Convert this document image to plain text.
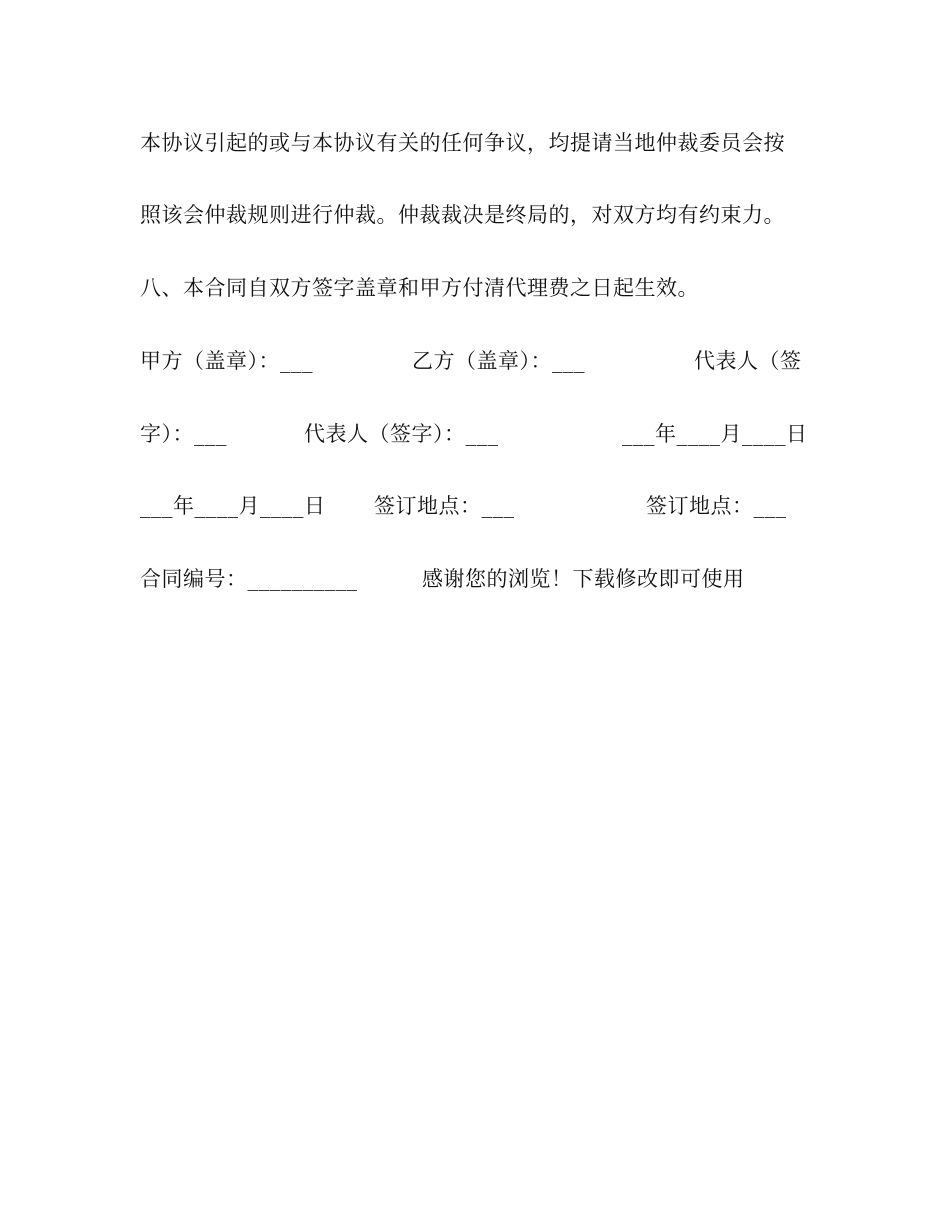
本协议引起的或与本协议有关的任何争议，均提请当地仲裁委员会按
照该会仲裁规则进行仲裁。仲裁裁决是终局的，对双方均有约束力。
八、本合同自双方签字盖章和甲方付清代理费之日起生效。
甲方（盖章）：___	乙方（盖章）：___	代表人（签
字）：___	代表人（签字）：___	___年____月____日
___年____月____日 签订地点：___	签订地点：___
合同编号：__________	感谢您的浏览！下载修改即可使用
